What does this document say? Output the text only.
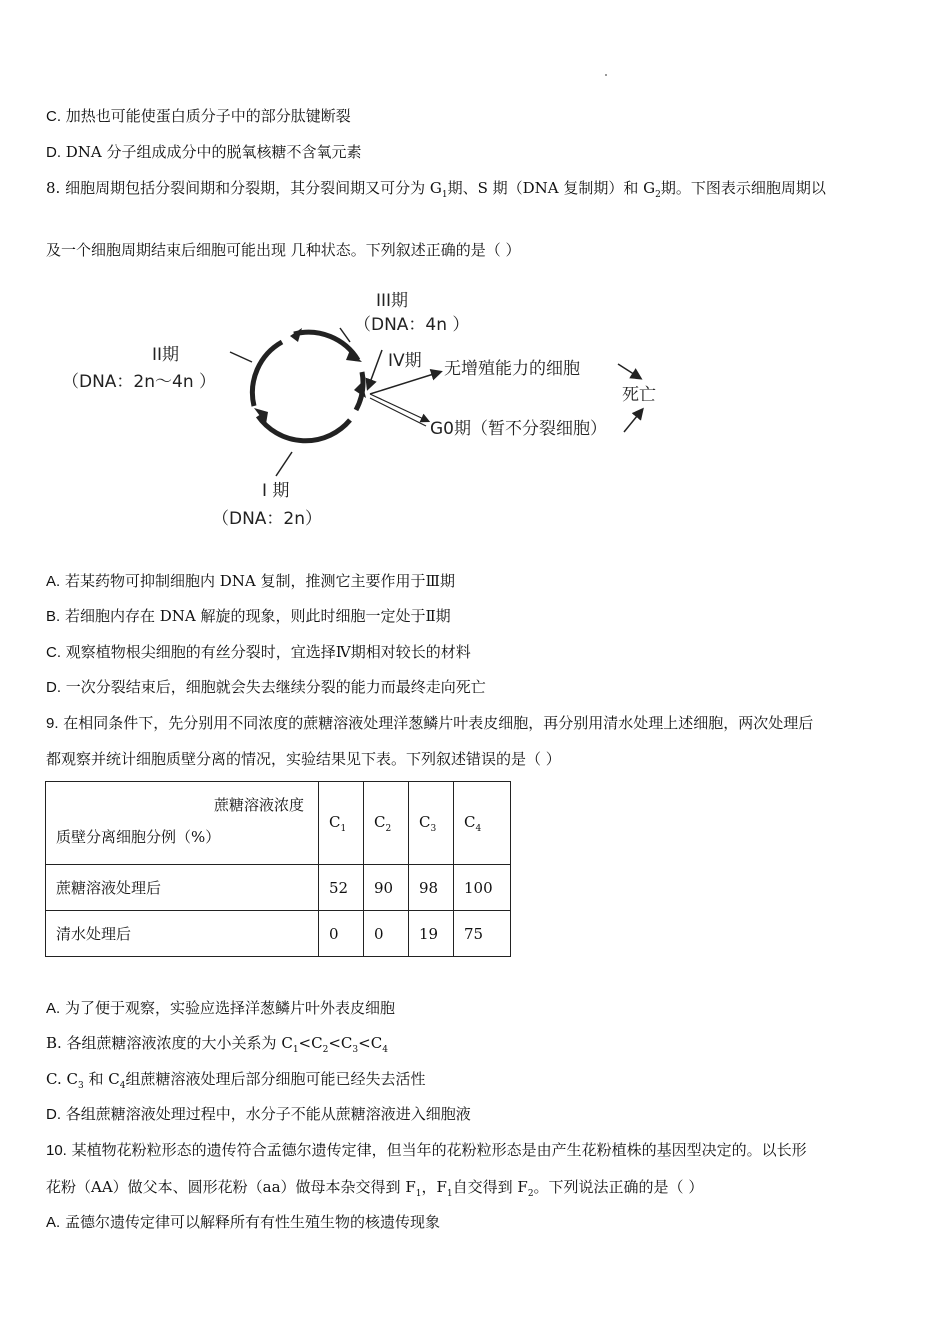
C. 加热也可能使蛋白质分子中的部分肽键断裂
D. DNA 分子组成成分中的脱氧核糖不含氧元素
8. 细胞周期包括分裂间期和分裂期，其分裂间期又可分为 $G_1$期、S 期（DNA 复制期）和 $G_2$期。下图表示细胞周期以
及一个细胞周期结束后细胞可能出现 几种状态。下列叙述正确的是（ ）
III期
（DNA：4n ）
II期
（DNA：2n～4n ）
IV期 无增殖能力的细胞
死亡
G0期（暂不分裂细胞）
I 期
（DNA：2n）
A. 若某药物可抑制细胞内 DNA 复制，推测它主要作用于Ⅲ期
B. 若细胞内存在 DNA 解旋的现象，则此时细胞一定处于Ⅱ期
C. 观察植物根尖细胞的有丝分裂时，宜选择Ⅳ期相对较长的材料
D. 一次分裂结束后，细胞就会失去继续分裂的能力而最终走向死亡
9. 在相同条件下，先分别用不同浓度的蔗糖溶液处理洋葱鳞片叶表皮细胞，再分别用清水处理上述细胞，两次处理后
都观察并统计细胞质壁分离的情况，实验结果见下表。下列叙述错误的是（ ）
蔗糖溶液浓度
质壁分离细胞分例（%）	$C_1$	$C_2$	$C_3$	$C_4$
蔗糖溶液处理后	52	90	98	100
清水处理后	0	0	19	75
A. 为了便于观察，实验应选择洋葱鳞片叶外表皮细胞
B. 各组蔗糖溶液浓度的大小关系为 $C_1<C_2<C_3<C_4$
C. $C_3$ 和 $C_4$组蔗糖溶液处理后部分细胞可能已经失去活性
D. 各组蔗糖溶液处理过程中，水分子不能从蔗糖溶液进入细胞液
10. 某植物花粉粒形态的遗传符合孟德尔遗传定律，但当年的花粉粒形态是由产生花粉植株的基因型决定的。以长形
花粉（AA）做父本、圆形花粉（aa）做母本杂交得到 $F_1$，$F_1$自交得到 $F_2$。下列说法正确的是（ ）
A. 孟德尔遗传定律可以解释所有有性生殖生物的核遗传现象
